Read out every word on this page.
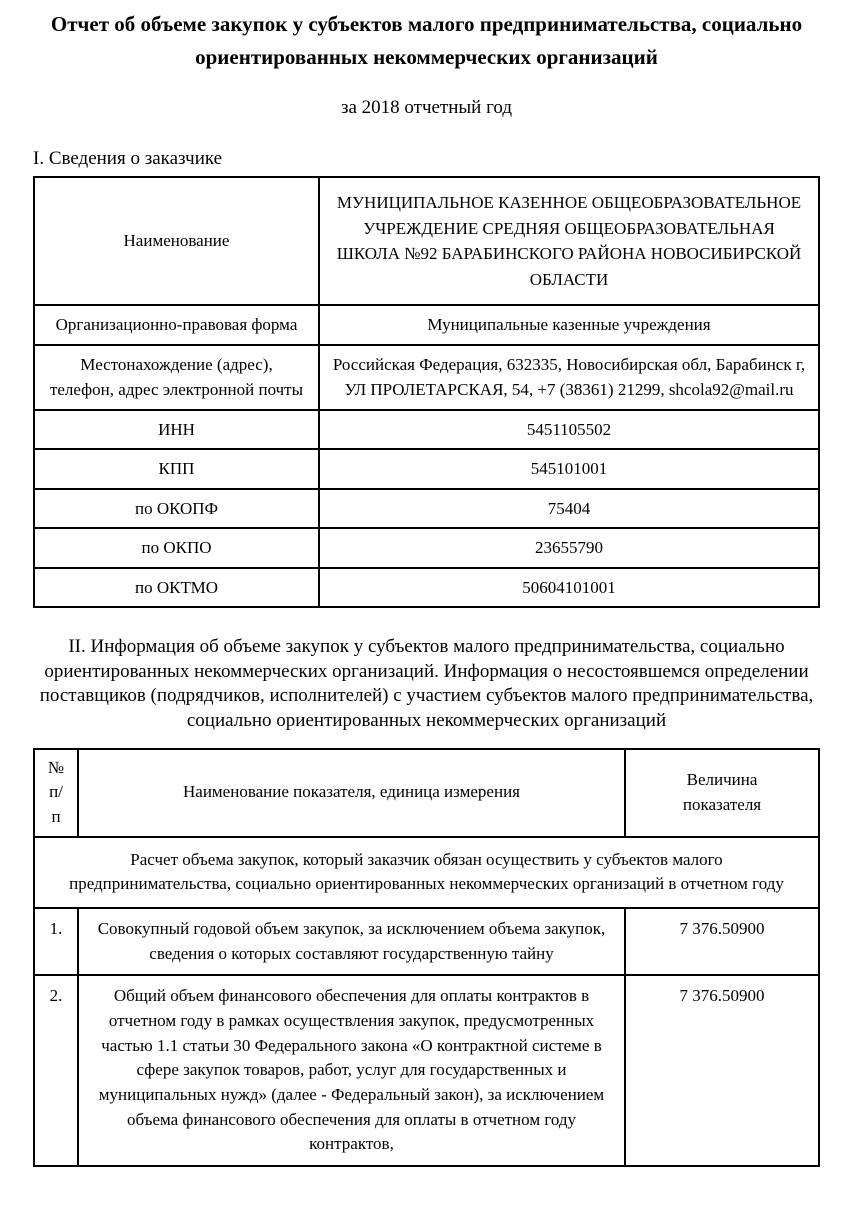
Отчет об объеме закупок у субъектов малого предпринимательства, социально ориентированных некоммерческих организаций
за 2018 отчетный год
I. Сведения о заказчике
Наименование	МУНИЦИПАЛЬНОЕ КАЗЕННОЕ ОБЩЕОБРАЗОВАТЕЛЬНОЕ УЧРЕЖДЕНИЕ СРЕДНЯЯ ОБЩЕОБРАЗОВАТЕЛЬНАЯ ШКОЛА №92 БАРАБИНСКОГО РАЙОНА НОВОСИБИРСКОЙ ОБЛАСТИ
Организационно-правовая форма	Муниципальные казенные учреждения
Местонахождение (адрес), телефон, адрес электронной почты	Российская Федерация, 632335, Новосибирская обл, Барабинск г, УЛ ПРОЛЕТАРСКАЯ, 54, +7 (38361) 21299, shcola92@mail.ru
ИНН	5451105502
КПП	545101001
по ОКОПФ	75404
по ОКПО	23655790
по ОКТМО	50604101001
II. Информация об объеме закупок у субъектов малого предпринимательства, социально ориентированных некоммерческих организаций. Информация о несостоявшемся определении поставщиков (подрядчиков, исполнителей) с участием субъектов малого предпринимательства, социально ориентированных некоммерческих организаций
№ п/п	Наименование показателя, единица измерения	Величина показателя

Расчет объема закупок, который заказчик обязан осуществить у субъектов малого предпринимательства, социально ориентированных некоммерческих организаций в отчетном году		
1.	Совокупный годовой объем закупок, за исключением объема закупок, сведения о которых составляют государственную тайну	7 376.50900
2.	Общий объем финансового обеспечения для оплаты контрактов в отчетном году в рамках осуществления закупок, предусмотренных частью 1.1 статьи 30 Федерального закона «О контрактной системе в сфере закупок товаров, работ, услуг для государственных и муниципальных нужд» (далее - Федеральный закон), за исключением объема финансового обеспечения для оплаты в отчетном году контрактов,	7 376.50900
